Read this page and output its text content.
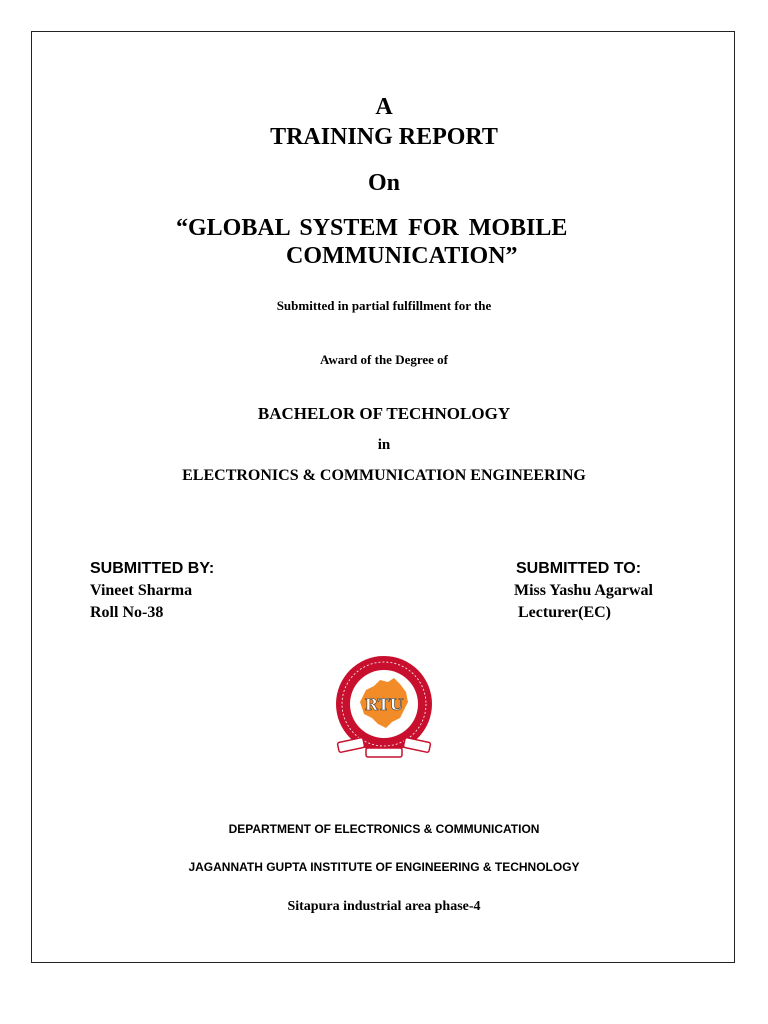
A
TRAINING REPORT
On
“GLOBAL SYSTEM FOR MOBILE
COMMUNICATION”
Submitted in partial fulfillment for the
Award of the Degree of
BACHELOR OF TECHNOLOGY
in
ELECTRONICS & COMMUNICATION ENGINEERING
SUBMITTED BY:
Vineet Sharma
Roll No-38
SUBMITTED TO:
Miss Yashu Agarwal
Lecturer(EC)
RTU
DEPARTMENT OF ELECTRONICS & COMMUNICATION
JAGANNATH GUPTA INSTITUTE OF ENGINEERING & TECHNOLOGY
Sitapura industrial area phase-4
